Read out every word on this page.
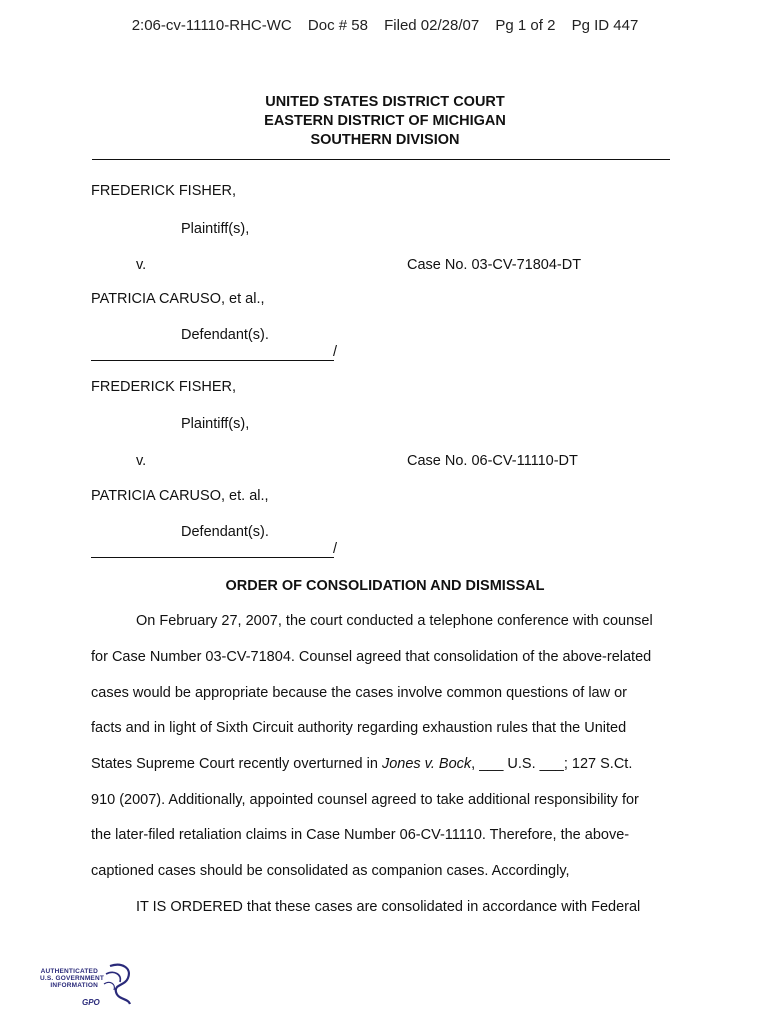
2:06-cv-11110-RHC-WC Doc # 58 Filed 02/28/07 Pg 1 of 2 Pg ID 447
UNITED STATES DISTRICT COURT
EASTERN DISTRICT OF MICHIGAN
SOUTHERN DIVISION
FREDERICK FISHER,
Plaintiff(s),
v.	Case No. 03-CV-71804-DT
PATRICIA CARUSO, et al.,
Defendant(s).
/
FREDERICK FISHER,
Plaintiff(s),
v.	Case No. 06-CV-11110-DT
PATRICIA CARUSO, et. al.,
Defendant(s).
/
ORDER OF CONSOLIDATION AND DISMISSAL
On February 27, 2007, the court conducted a telephone conference with counsel
for Case Number 03-CV-71804. Counsel agreed that consolidation of the above-related
cases would be appropriate because the cases involve common questions of law or
facts and in light of Sixth Circuit authority regarding exhaustion rules that the United
States Supreme Court recently overturned in Jones v. Bock, ___ U.S. ___; 127 S.Ct.
910 (2007). Additionally, appointed counsel agreed to take additional responsibility for
the later-filed retaliation claims in Case Number 06-CV-11110. Therefore, the above-
captioned cases should be consolidated as companion cases. Accordingly,
IT IS ORDERED that these cases are consolidated in accordance with Federal
AUTHENTICATED
U.S. GOVERNMENT
INFORMATION
GPO
